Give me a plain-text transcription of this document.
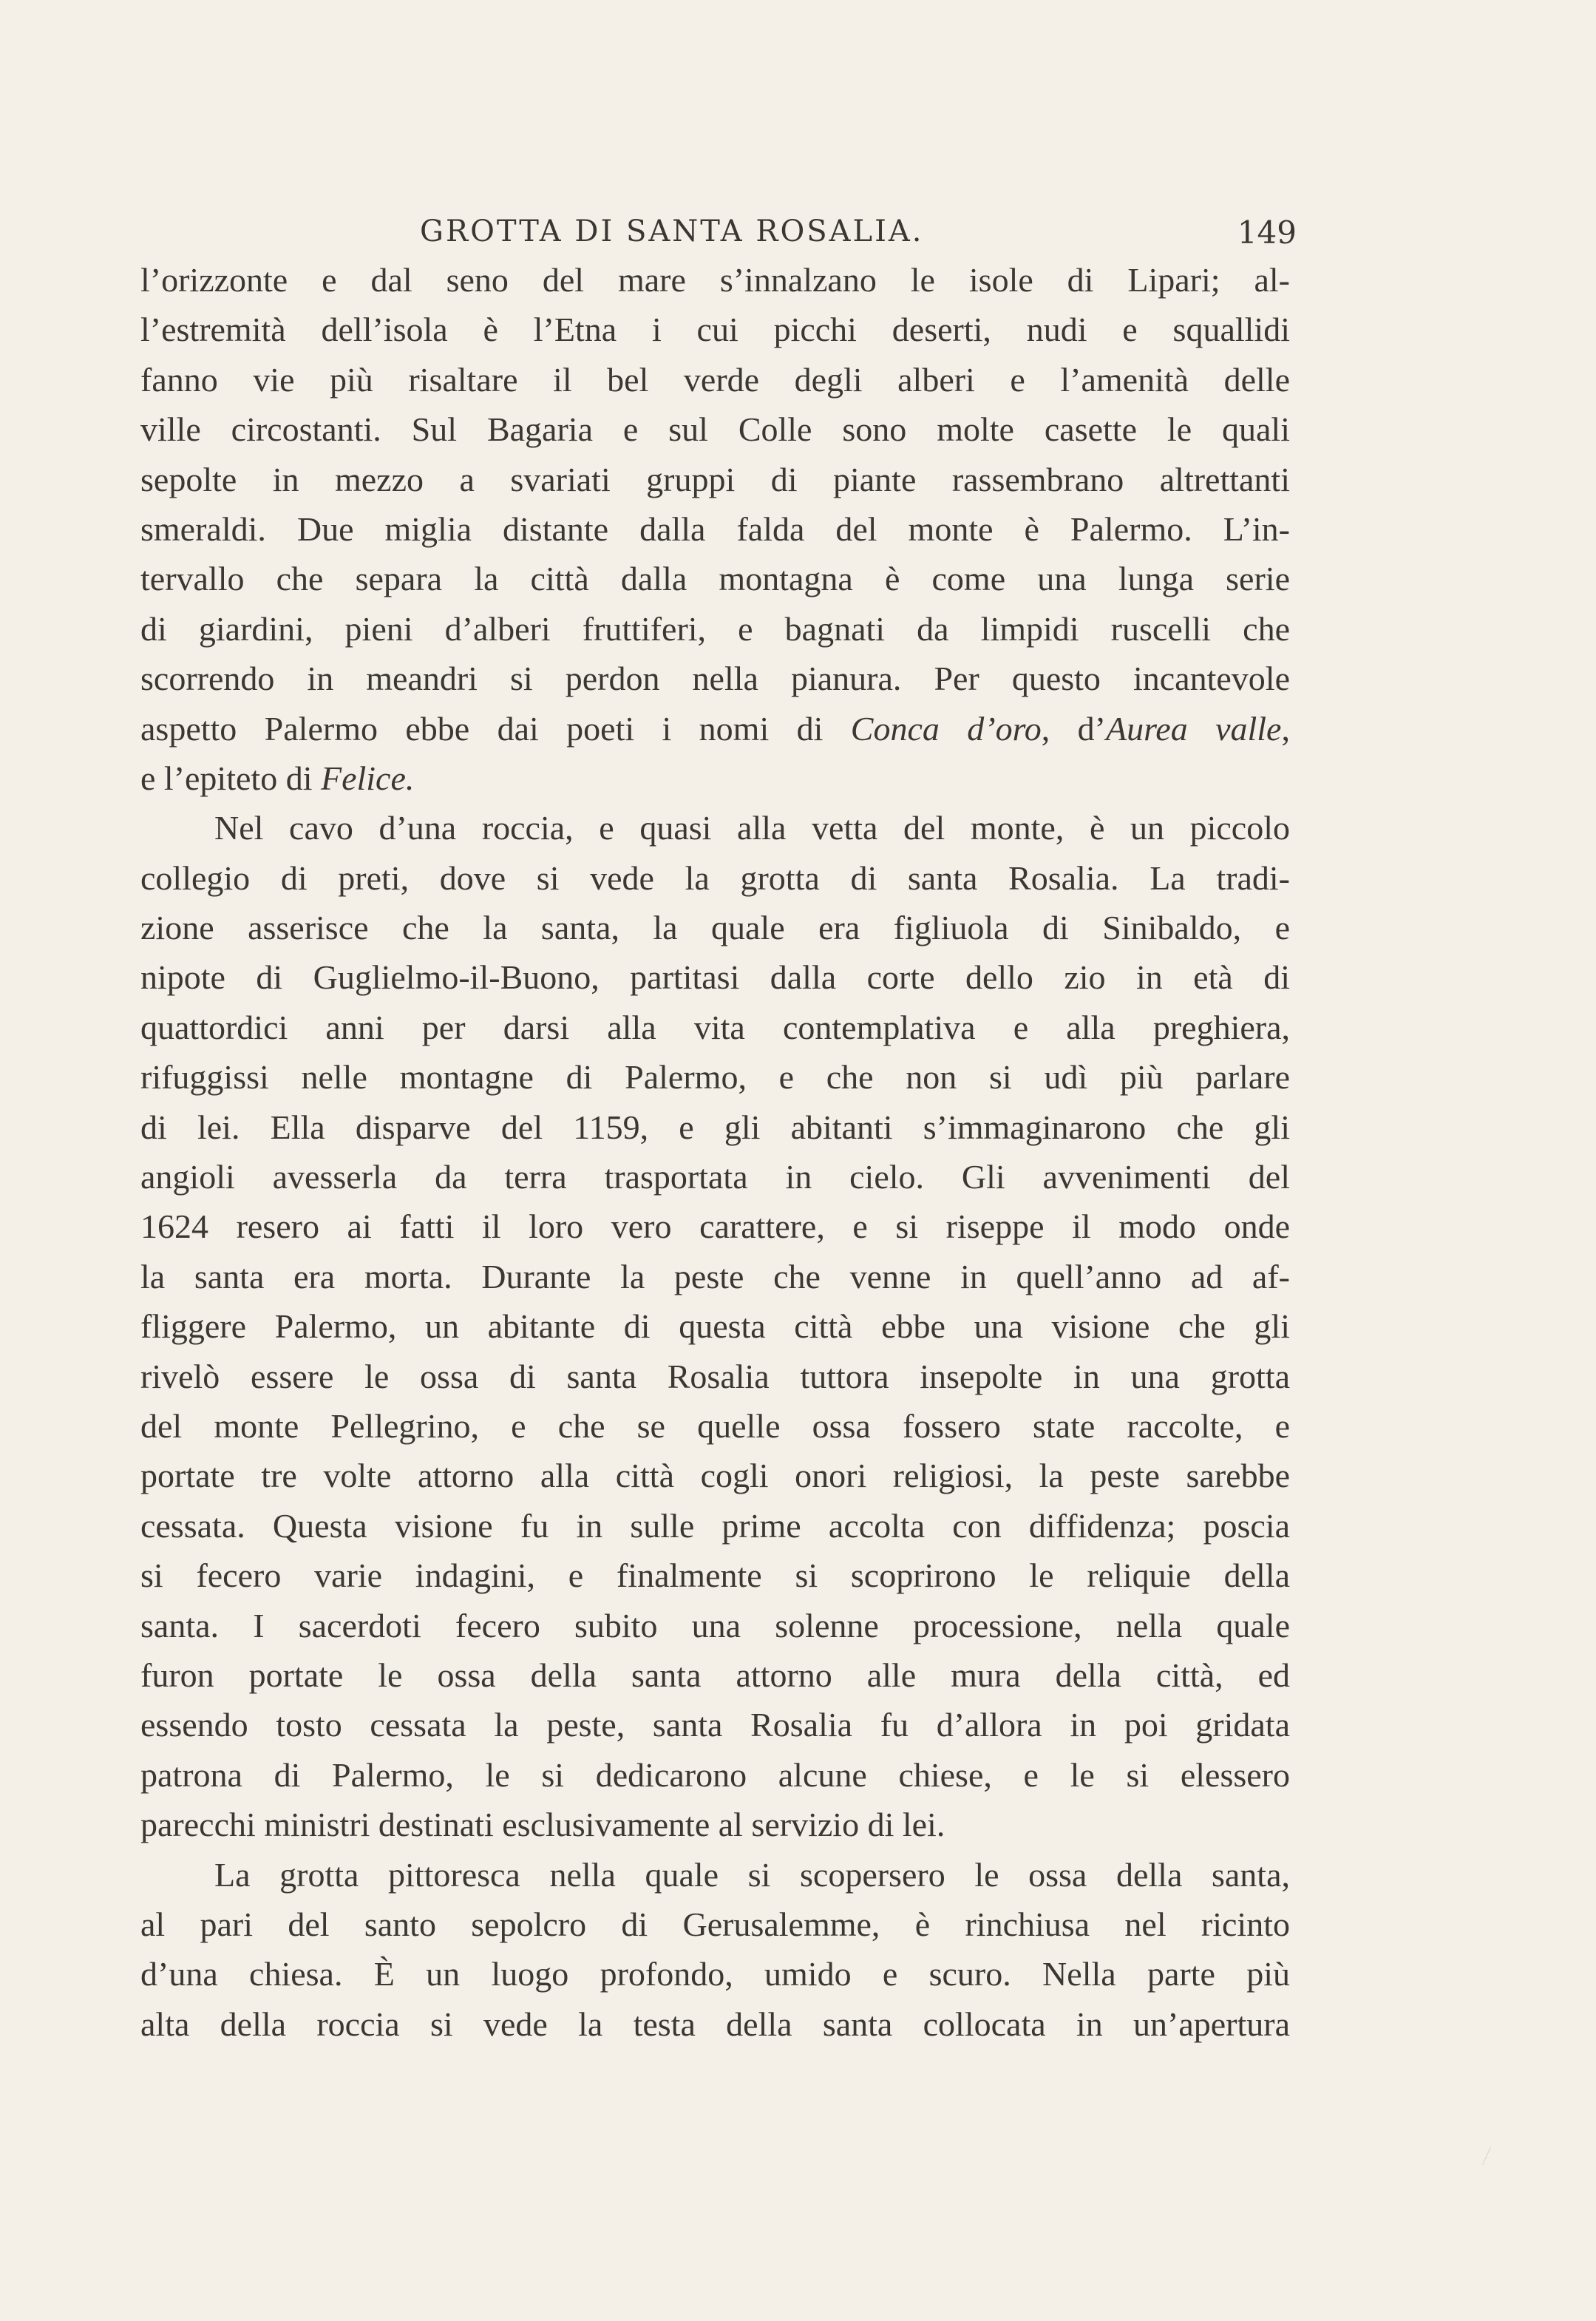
GROTTA DI SANTA ROSALIA.	149
l’orizzonte e dal seno del mare s’innalzano le isole di Lipari; al-
l’estremità dell’isola è l’Etna i cui picchi deserti, nudi e squallidi
fanno vie più risaltare il bel verde degli alberi e l’amenità delle
ville circostanti. Sul Bagaria e sul Colle sono molte casette le quali
sepolte in mezzo a svariati gruppi di piante rassembrano altrettanti
smeraldi. Due miglia distante dalla falda del monte è Palermo. L’in-
tervallo che separa la città dalla montagna è come una lunga serie
di giardini, pieni d’alberi fruttiferi, e bagnati da limpidi ruscelli che
scorrendo in meandri si perdon nella pianura. Per questo incantevole
aspetto Palermo ebbe dai poeti i nomi di Conca d’oro, d’Aurea valle,
e l’epiteto di Felice.
Nel cavo d’una roccia, e quasi alla vetta del monte, è un piccolo
collegio di preti, dove si vede la grotta di santa Rosalia. La tradi-
zione asserisce che la santa, la quale era figliuola di Sinibaldo, e
nipote di Guglielmo-il-Buono, partitasi dalla corte dello zio in età di
quattordici anni per darsi alla vita contemplativa e alla preghiera,
rifuggissi nelle montagne di Palermo, e che non si udì più parlare
di lei. Ella disparve del 1159, e gli abitanti s’immaginarono che gli
angioli avesserla da terra trasportata in cielo. Gli avvenimenti del
1624 resero ai fatti il loro vero carattere, e si riseppe il modo onde
la santa era morta. Durante la peste che venne in quell’anno ad af-
fliggere Palermo, un abitante di questa città ebbe una visione che gli
rivelò essere le ossa di santa Rosalia tuttora insepolte in una grotta
del monte Pellegrino, e che se quelle ossa fossero state raccolte, e
portate tre volte attorno alla città cogli onori religiosi, la peste sarebbe
cessata. Questa visione fu in sulle prime accolta con diffidenza; poscia
si fecero varie indagini, e finalmente si scoprirono le reliquie della
santa. I sacerdoti fecero subito una solenne processione, nella quale
furon portate le ossa della santa attorno alle mura della città, ed
essendo tosto cessata la peste, santa Rosalia fu d’allora in poi gridata
patrona di Palermo, le si dedicarono alcune chiese, e le si elessero
parecchi ministri destinati esclusivamente al servizio di lei.
La grotta pittoresca nella quale si scopersero le ossa della santa,
al pari del santo sepolcro di Gerusalemme, è rinchiusa nel ricinto
d’una chiesa. È un luogo profondo, umido e scuro. Nella parte più
alta della roccia si vede la testa della santa collocata in un’apertura
